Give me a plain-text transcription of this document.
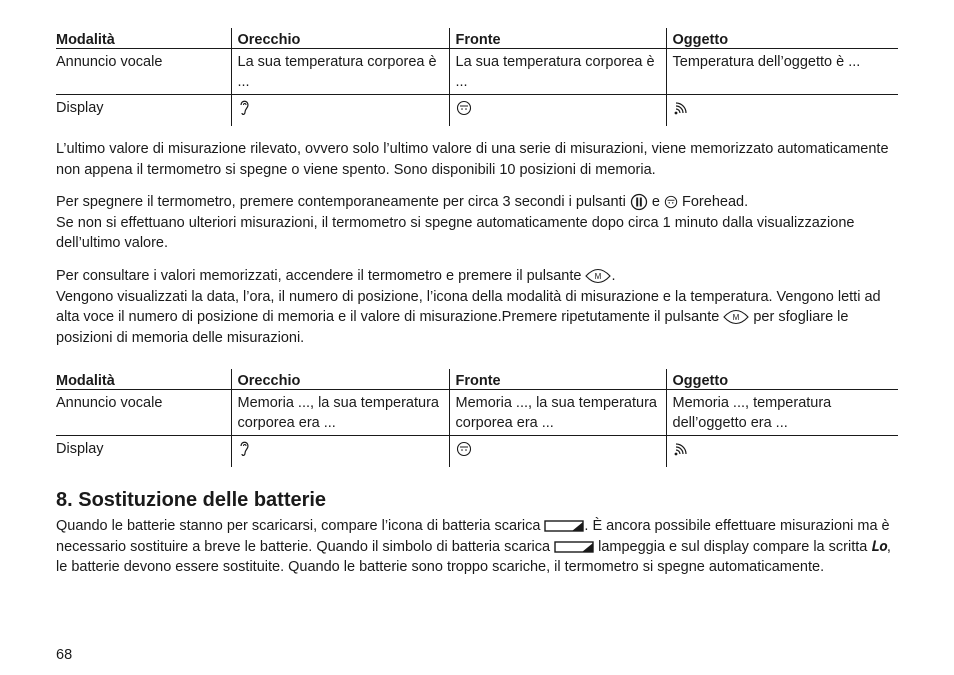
Modalità	Orecchio	Fronte	Oggetto
Annuncio vocale	La sua temperatura corporea è ...	La sua temperatura corporea è ...	Temperatura dell’oggetto è ...
Display			

L’ultimo valore di misurazione rilevato, ovvero solo l’ultimo valore di una serie di misurazioni, viene memorizzato automaticamente non appena il termometro si spegne o viene spento. Sono disponibili 10 posizioni di memoria.

Per spegnere il termometro, premere contemporaneamente per circa 3 secondi i pulsanti e Forehead.
Se non si effettuano ulteriori misurazioni, il termometro si spegne automaticamente dopo circa 1 minuto dalla visualizzazione dell’ultimo valore.

Per consultare i valori memorizzati, accendere il termometro e premere il pulsante M .
Vengono visualizzati la data, l’ora, il numero di posizione, l’icona della modalità di misurazione e la temperatura. Vengono letti ad alta voce il numero di posizione di memoria e il valore di misurazione.Premere ripetutamente il pulsante M per sfogliare le posizioni di memoria delle misurazioni.

Modalità	Orecchio	Fronte	Oggetto
Annuncio vocale	Memoria ..., la sua temperatura corporea era ...	Memoria ..., la sua temperatura corporea era ...	Memoria ..., temperatura dell’oggetto era ...
Display			
8. Sostituzione delle batterie

Quando le batterie stanno per scaricarsi, compare l’icona di batteria scarica	. È ancora possibile effettuare misurazioni ma è necessario sostituire a breve le batterie. Quando il simbolo di batteria scarica	lampeggia e sul display compare la scritta Lo, le batterie devono essere sostituite. Quando le batterie sono troppo scariche, il termometro si spegne automaticamente.

68
